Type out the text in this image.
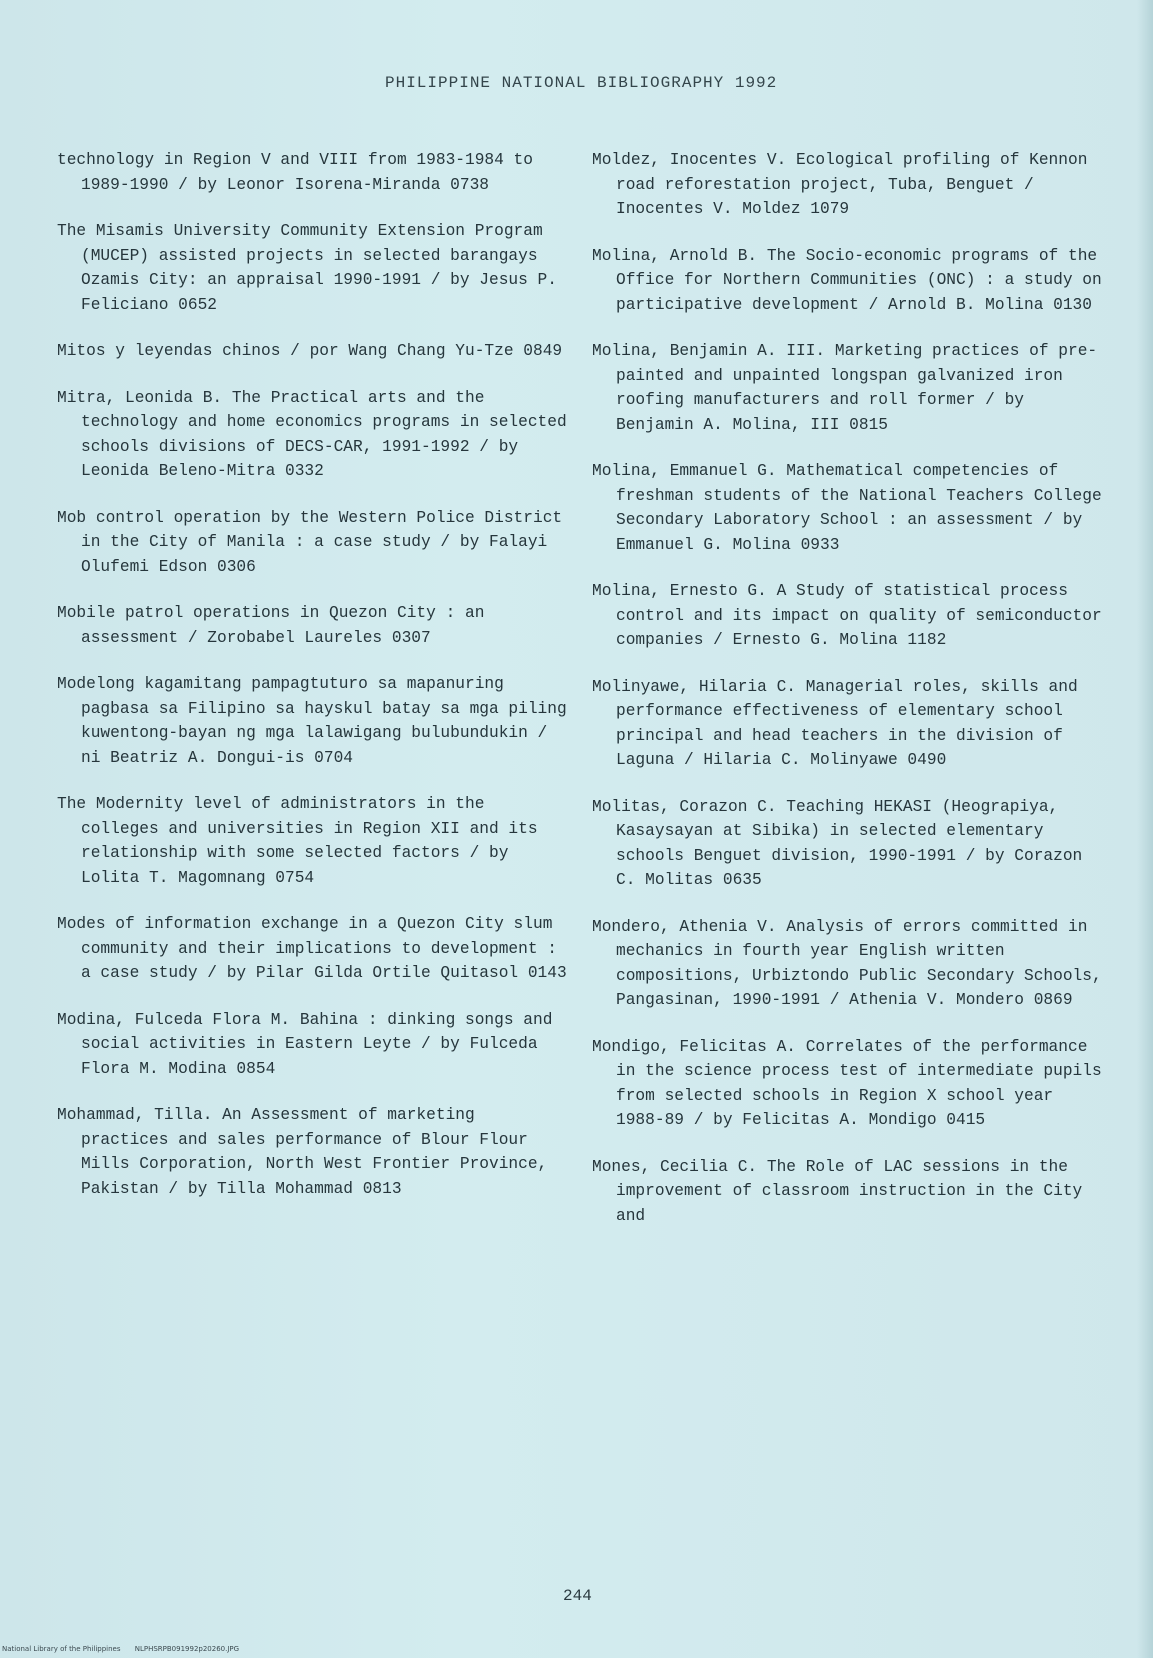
PHILIPPINE NATIONAL BIBLIOGRAPHY 1992

technology in Region V and VIII from 1983-1984 to 1989-1990 / by Leonor Isorena-Miranda 0738

The Misamis University Community Extension Program (MUCEP) assisted projects in selected barangays Ozamis City: an appraisal 1990-1991 / by Jesus P. Feliciano 0652

Mitos y leyendas chinos / por Wang Chang Yu-Tze 0849

Mitra, Leonida B. The Practical arts and the technology and home economics programs in selected schools divisions of DECS-CAR, 1991-1992 / by Leonida Beleno-Mitra 0332

Mob control operation by the Western Police District in the City of Manila : a case study / by Falayi Olufemi Edson 0306

Mobile patrol operations in Quezon City : an assessment / Zorobabel Laureles 0307

Modelong kagamitang pampagtuturo sa mapanuring pagbasa sa Filipino sa hayskul batay sa mga piling kuwentong-bayan ng mga lalawigang bulubundukin / ni Beatriz A. Dongui-is 0704

The Modernity level of administrators in the colleges and universities in Region XII and its relationship with some selected factors / by Lolita T. Magomnang 0754

Modes of information exchange in a Quezon City slum community and their implications to development : a case study / by Pilar Gilda Ortile Quitasol 0143

Modina, Fulceda Flora M. Bahina : dinking songs and social activities in Eastern Leyte / by Fulceda Flora M. Modina 0854

Mohammad, Tilla. An Assessment of marketing practices and sales performance of Blour Flour Mills Corporation, North West Frontier Province, Pakistan / by Tilla Mohammad 0813

Moldez, Inocentes V. Ecological profiling of Kennon road reforestation project, Tuba, Benguet / Inocentes V. Moldez 1079

Molina, Arnold B. The Socio-economic programs of the Office for Northern Communities (ONC) : a study on participative development / Arnold B. Molina 0130

Molina, Benjamin A. III. Marketing practices of pre-painted and unpainted longspan galvanized iron roofing manufacturers and roll former / by Benjamin A. Molina, III 0815

Molina, Emmanuel G. Mathematical competencies of freshman students of the National Teachers College Secondary Laboratory School : an assessment / by Emmanuel G. Molina 0933

Molina, Ernesto G. A Study of statistical process control and its impact on quality of semiconductor companies / Ernesto G. Molina 1182

Molinyawe, Hilaria C. Managerial roles, skills and performance effectiveness of elementary school principal and head teachers in the division of Laguna / Hilaria C. Molinyawe 0490

Molitas, Corazon C. Teaching HEKASI (Heograpiya, Kasaysayan at Sibika) in selected elementary schools Benguet division, 1990-1991 / by Corazon C. Molitas 0635

Mondero, Athenia V. Analysis of errors committed in mechanics in fourth year English written compositions, Urbiztondo Public Secondary Schools, Pangasinan, 1990-1991 / Athenia V. Mondero 0869

Mondigo, Felicitas A. Correlates of the performance in the science process test of intermediate pupils from selected schools in Region X school year 1988-89 / by Felicitas A. Mondigo 0415

Mones, Cecilia C. The Role of LAC sessions in the improvement of classroom instruction in the City and

244
National Library of the Philippines NLPHSRPB091992p20260.JPG
